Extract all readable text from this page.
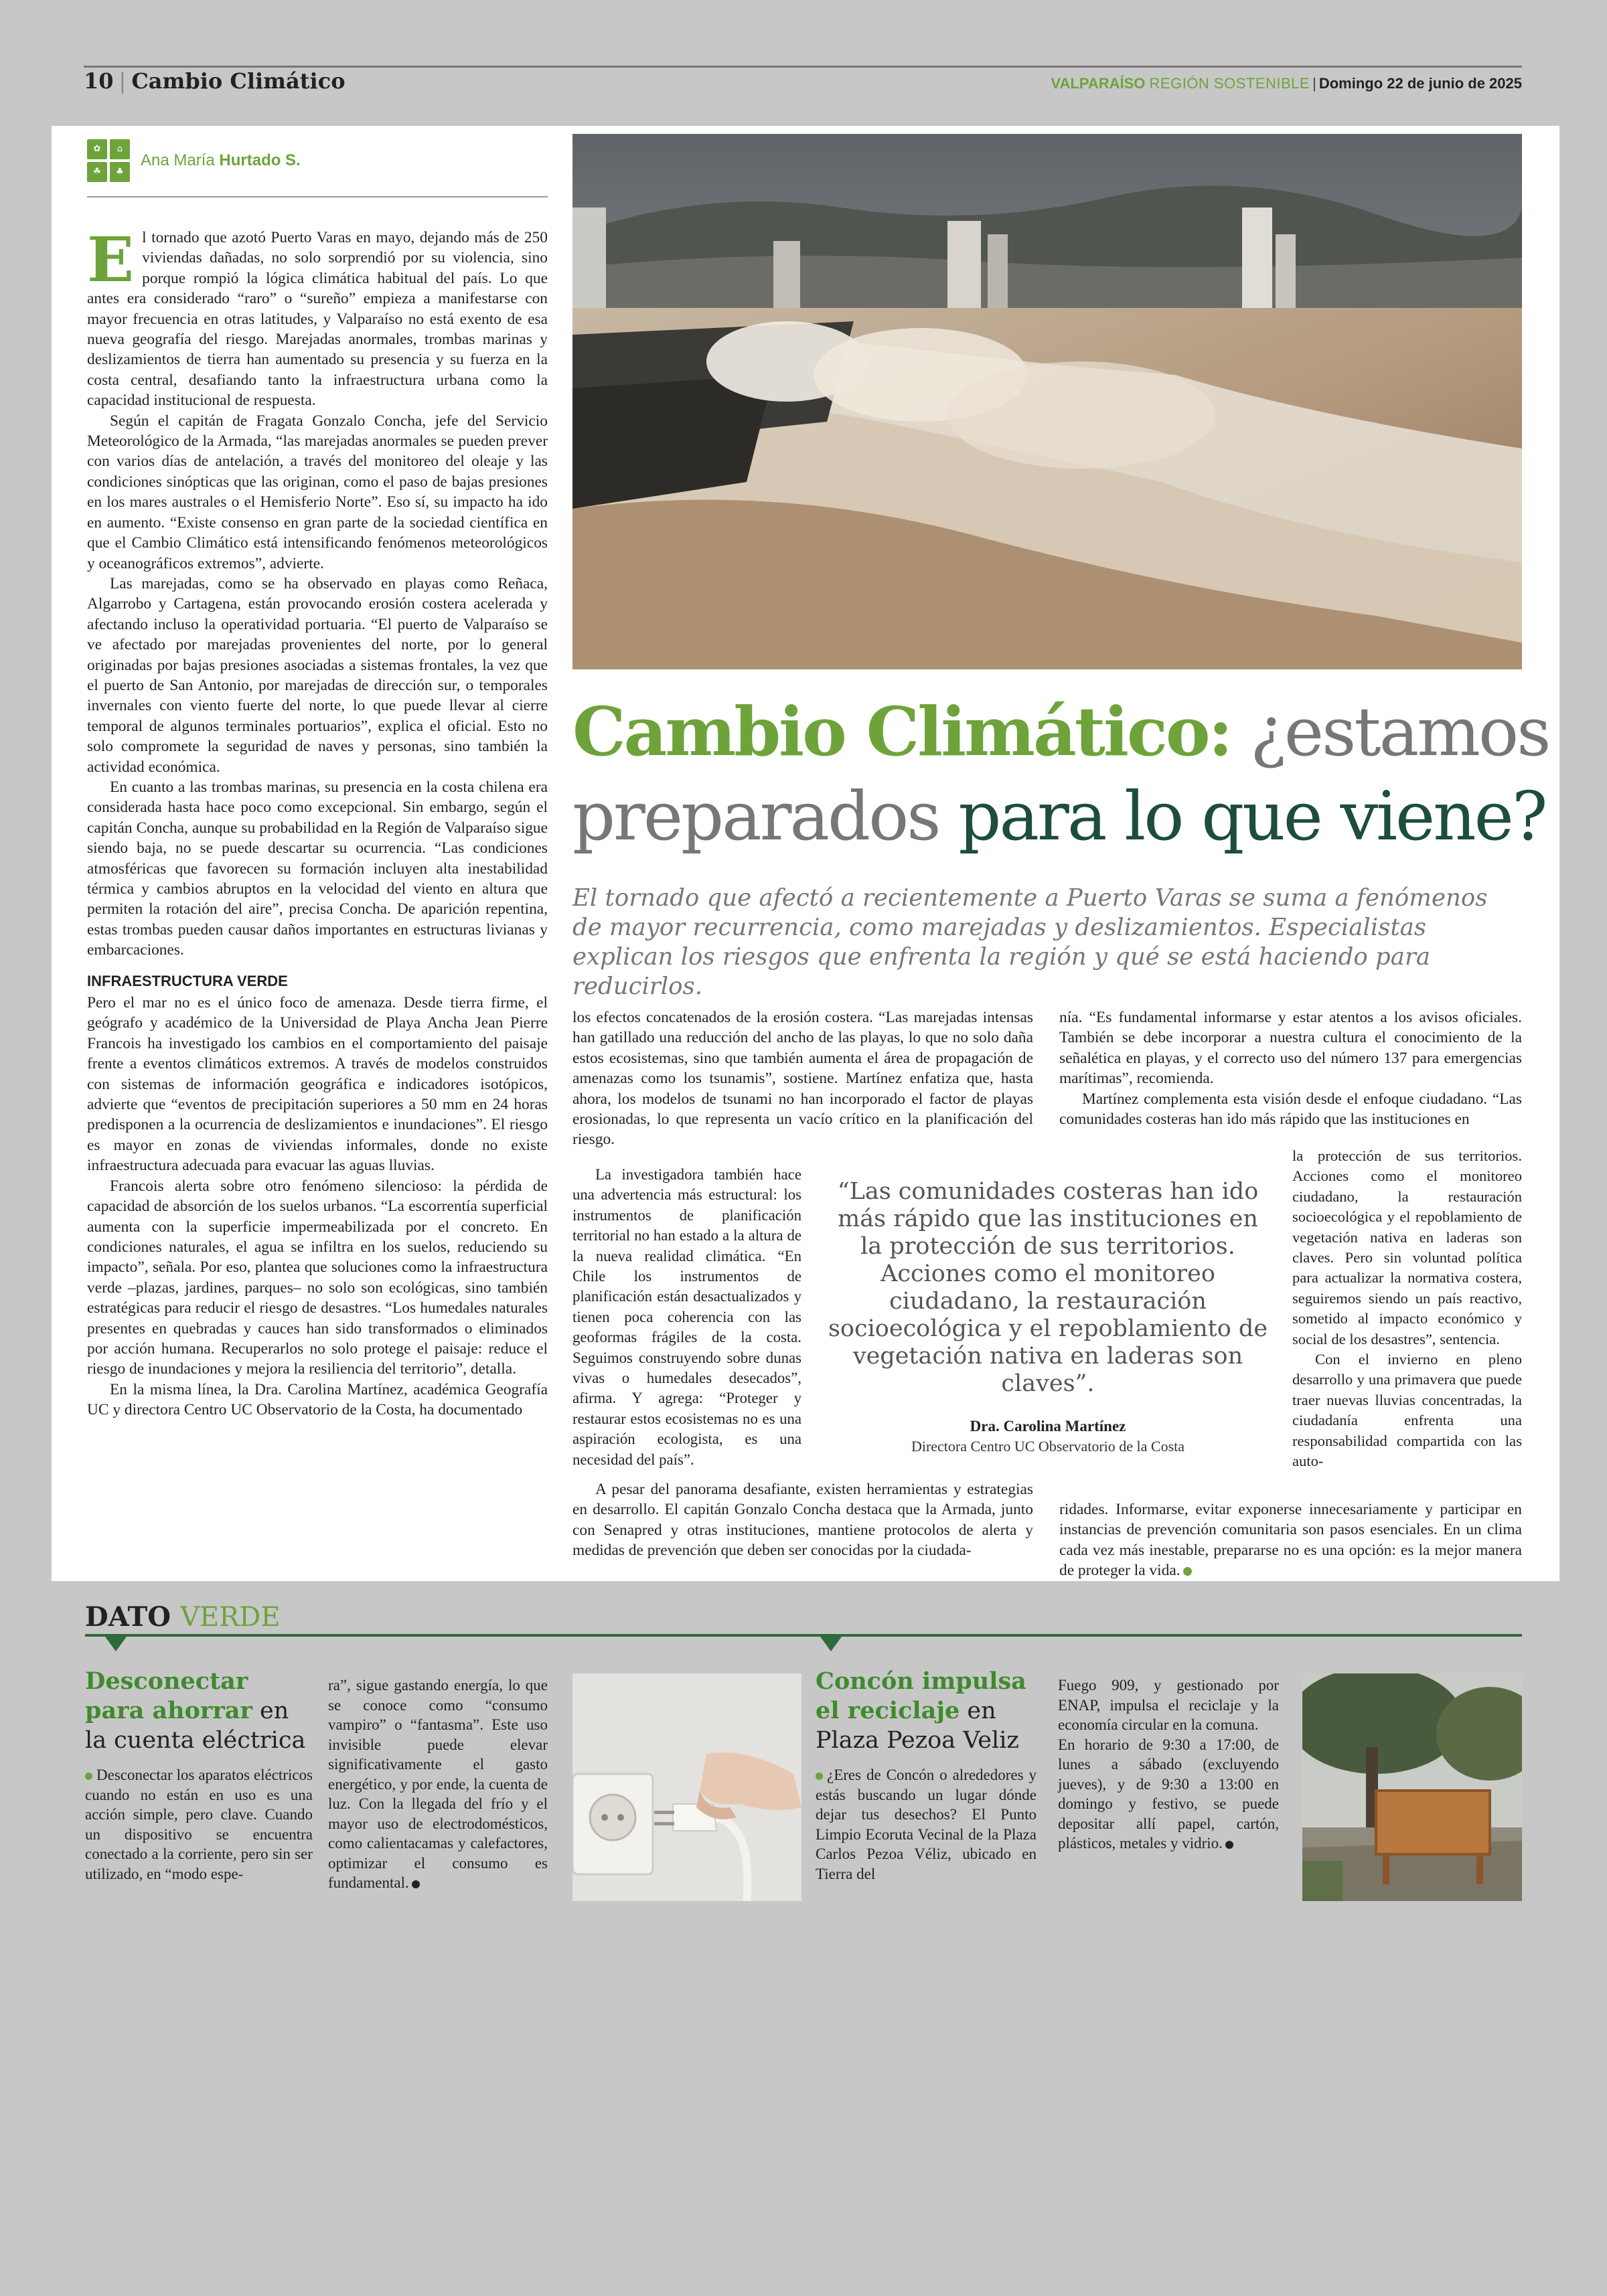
10 | Cambio Climático	VALPARAÍSO REGIÓN SOSTENIBLE | Domingo 22 de junio de 2025
✿	⌂
☘	♣
Ana María Hurtado S.

El tornado que azotó Puerto Varas en mayo, dejando más de 250 viviendas dañadas, no solo sorprendió por su violencia, sino porque rompió la lógica climática habitual del país. Lo que antes era considerado “raro” o “sureño” empieza a manifestarse con mayor frecuencia en otras latitudes, y Valparaíso no está exento de esa nueva geografía del riesgo. Marejadas anormales, trombas marinas y deslizamientos de tierra han aumentado su presencia y su fuerza en la costa central, desafiando tanto la infraestructura urbana como la capacidad institucional de respuesta.

Según el capitán de Fragata Gonzalo Concha, jefe del Servicio Meteorológico de la Armada, “las marejadas anormales se pueden prever con varios días de antelación, a través del monitoreo del oleaje y las condiciones sinópticas que las originan, como el paso de bajas presiones en los mares australes o el Hemisferio Norte”. Eso sí, su impacto ha ido en aumento. “Existe consenso en gran parte de la sociedad científica en que el Cambio Climático está intensificando fenómenos meteorológicos y oceanográficos extremos”, advierte.

Las marejadas, como se ha observado en playas como Reñaca, Algarrobo y Cartagena, están provocando erosión costera acelerada y afectando incluso la operatividad portuaria. “El puerto de Valparaíso se ve afectado por marejadas provenientes del norte, por lo general originadas por bajas presiones asociadas a sistemas frontales, la vez que el puerto de San Antonio, por marejadas de dirección sur, o temporales invernales con viento fuerte del norte, lo que puede llevar al cierre temporal de algunos terminales portuarios”, explica el oficial. Esto no solo compromete la seguridad de naves y personas, sino también la actividad económica.

En cuanto a las trombas marinas, su presencia en la costa chilena era considerada hasta hace poco como excepcional. Sin embargo, según el capitán Concha, aunque su probabilidad en la Región de Valparaíso sigue siendo baja, no se puede descartar su ocurrencia. “Las condiciones atmosféricas que favorecen su formación incluyen alta inestabilidad térmica y cambios abruptos en la velocidad del viento en altura que permiten la rotación del aire”, precisa Concha. De aparición repentina, estas trombas pueden causar daños importantes en estructuras livianas y embarcaciones.

INFRAESTRUCTURA VERDE

Pero el mar no es el único foco de amenaza. Desde tierra firme, el geógrafo y académico de la Universidad de Playa Ancha Jean Pierre Francois ha investigado los cambios en el comportamiento del paisaje frente a eventos climáticos extremos. A través de modelos construidos con sistemas de información geográfica e indicadores isotópicos, advierte que “eventos de precipitación superiores a 50 mm en 24 horas predisponen a la ocurrencia de deslizamientos e inundaciones”. El riesgo es mayor en zonas de viviendas informales, donde no existe infraestructura adecuada para evacuar las aguas lluvias.

Francois alerta sobre otro fenómeno silencioso: la pérdida de capacidad de absorción de los suelos urbanos. “La escorrentía superficial aumenta con la superficie impermeabilizada por el concreto. En condiciones naturales, el agua se infiltra en los suelos, reduciendo su impacto”, señala. Por eso, plantea que soluciones como la infraestructura verde –plazas, jardines, parques– no solo son ecológicas, sino también estratégicas para reducir el riesgo de desastres. “Los humedales naturales presentes en quebradas y cauces han sido transformados o eliminados por acción humana. Recuperarlos no solo protege el paisaje: reduce el riesgo de inundaciones y mejora la resiliencia del territorio”, detalla.

En la misma línea, la Dra. Carolina Martínez, académica Geografía UC y directora Centro UC Observatorio de la Costa, ha documentado

Cambio Climático: ¿estamos
preparados para lo que viene?
El tornado que afectó a recientemente a Puerto Varas se suma a fenómenos de mayor recurrencia, como marejadas y deslizamientos. Especialistas explican los riesgos que enfrenta la región y qué se está haciendo para reducirlos.

los efectos concatenados de la erosión costera. “Las marejadas intensas han gatillado una reducción del ancho de las playas, lo que no solo daña estos ecosistemas, sino que también aumenta el área de propagación de amenazas como los tsunamis”, sostiene. Martínez enfatiza que, hasta ahora, los modelos de tsunami no han incorporado el factor de playas erosionadas, lo que representa un vacío crítico en la planificación del riesgo.

La investigadora también hace una advertencia más estructural: los instrumentos de planificación territorial no han estado a la altura de la nueva realidad climática. “En Chile los instrumentos de planificación están desactualizados y tienen poca coherencia con las geoformas frágiles de la costa. Seguimos construyendo sobre dunas vivas o humedales desecados”, afirma. Y agrega: “Proteger y restaurar estos ecosistemas no es una aspiración ecologista, es una necesidad del país”.

A pesar del panorama desafiante, existen herramientas y estrategias en desarrollo. El capitán Gonzalo Concha destaca que la Armada, junto con Senapred y otras instituciones, mantiene protocolos de alerta y medidas de prevención que deben ser conocidas por la ciudada-

nía. “Es fundamental informarse y estar atentos a los avisos oficiales. También se debe incorporar a nuestra cultura el conocimiento de la señalética en playas, y el correcto uso del número 137 para emergencias marítimas”, recomienda.

Martínez complementa esta visión desde el enfoque ciudadano. “Las comunidades costeras han ido más rápido que las instituciones en

la protección de sus territorios. Acciones como el monitoreo ciudadano, la restauración socioecológica y el repoblamiento de vegetación nativa en laderas son claves. Pero sin voluntad política para actualizar la normativa costera, seguiremos siendo un país reactivo, sometido al impacto económico y social de los desastres”, sentencia.

Con el invierno en pleno desarrollo y una primavera que puede traer nuevas lluvias concentradas, la ciudadanía enfrenta una responsabilidad compartida con las auto-

ridades. Informarse, evitar exponerse innecesariamente y participar en instancias de prevención comunitaria son pasos esenciales. En un clima cada vez más inestable, prepararse no es una opción: es la mejor manera de proteger la vida.

“Las comunidades costeras han ido más rápido que las instituciones en la protección de sus territorios. Acciones como el monitoreo ciudadano, la restauración socioecológica y el repoblamiento de vegetación nativa en laderas son claves”.
Dra. Carolina Martínez
Directora Centro UC Observatorio de la Costa
DATO VERDE
Desconectar para ahorrar en la cuenta eléctrica
Desconectar los aparatos eléctricos cuando no están en uso es una acción simple, pero clave. Cuando un dispositivo se encuentra conectado a la corriente, pero sin ser utilizado, en “modo espe-
ra”, sigue gastando energía, lo que se conoce como “consumo vampiro” o “fantasma”. Este uso invisible puede elevar significativamente el gasto energético, y por ende, la cuenta de luz. Con la llegada del frío y el mayor uso de electrodomésticos, como calientacamas y calefactores, optimizar el consumo es fundamental.
Concón impulsa el reciclaje en Plaza Pezoa Veliz
¿Eres de Concón o alrededores y estás buscando un lugar dónde dejar tus desechos? El Punto Limpio Ecoruta Vecinal de la Plaza Carlos Pezoa Véliz, ubicado en Tierra del
Fuego 909, y gestionado por ENAP, impulsa el reciclaje y la economía circular en la comuna.
En horario de 9:30 a 17:00, de lunes a sábado (excluyendo jueves), y de 9:30 a 13:00 en domingo y festivo, se puede depositar allí papel, cartón, plásticos, metales y vidrio.
